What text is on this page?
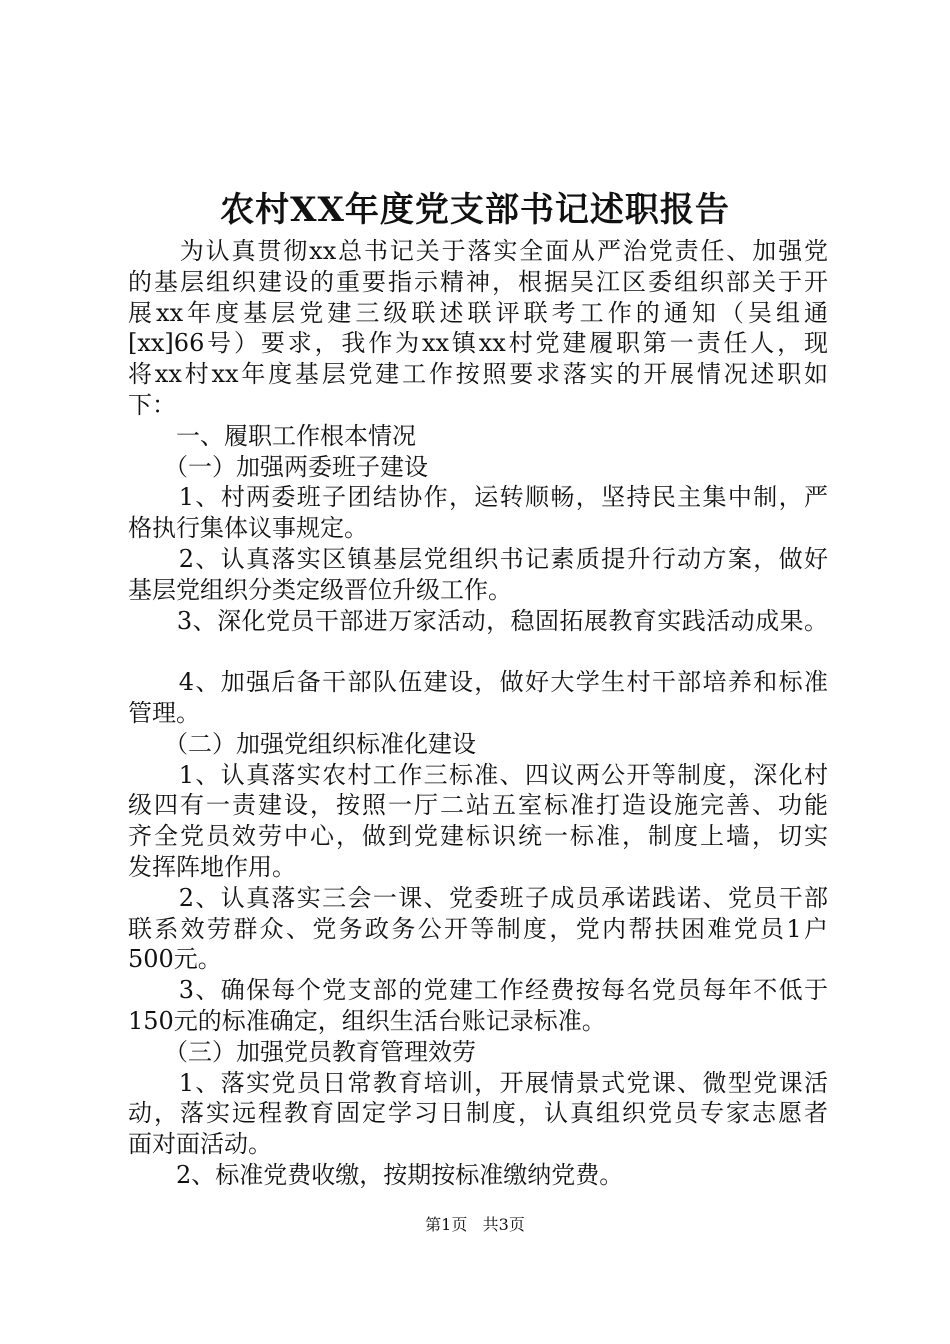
农村XX年度党支部书记述职报告
　　为认真贯彻xx总书记关于落实全面从严治党责任、加强党
的基层组织建设的重要指示精神，根据吴江区委组织部关于开
展xx年度基层党建三级联述联评联考工作的通知（吴组通
[xx]66号）要求，我作为xx镇xx村党建履职第一责任人，现
将xx村xx年度基层党建工作按照要求落实的开展情况述职如
下：
　　一、履职工作根本情况
　　（一）加强两委班子建设
　　1、村两委班子团结协作，运转顺畅，坚持民主集中制，严
格执行集体议事规定。
　　2、认真落实区镇基层党组织书记素质提升行动方案，做好
基层党组织分类定级晋位升级工作。
　　3、深化党员干部进万家活动，稳固拓展教育实践活动成果。
　　4、加强后备干部队伍建设，做好大学生村干部培养和标准
管理。
　　（二）加强党组织标准化建设
　　1、认真落实农村工作三标准、四议两公开等制度，深化村
级四有一责建设，按照一厅二站五室标准打造设施完善、功能
齐全党员效劳中心，做到党建标识统一标准，制度上墙，切实
发挥阵地作用。
　　2、认真落实三会一课、党委班子成员承诺践诺、党员干部
联系效劳群众、党务政务公开等制度，党内帮扶困难党员1户
500元。
　　3、确保每个党支部的党建工作经费按每名党员每年不低于
150元的标准确定，组织生活台账记录标准。
　　（三）加强党员教育管理效劳
　　1、落实党员日常教育培训，开展情景式党课、微型党课活
动，落实远程教育固定学习日制度，认真组织党员专家志愿者
面对面活动。
　　2、标准党费收缴，按期按标准缴纳党费。
第1页 共3页
